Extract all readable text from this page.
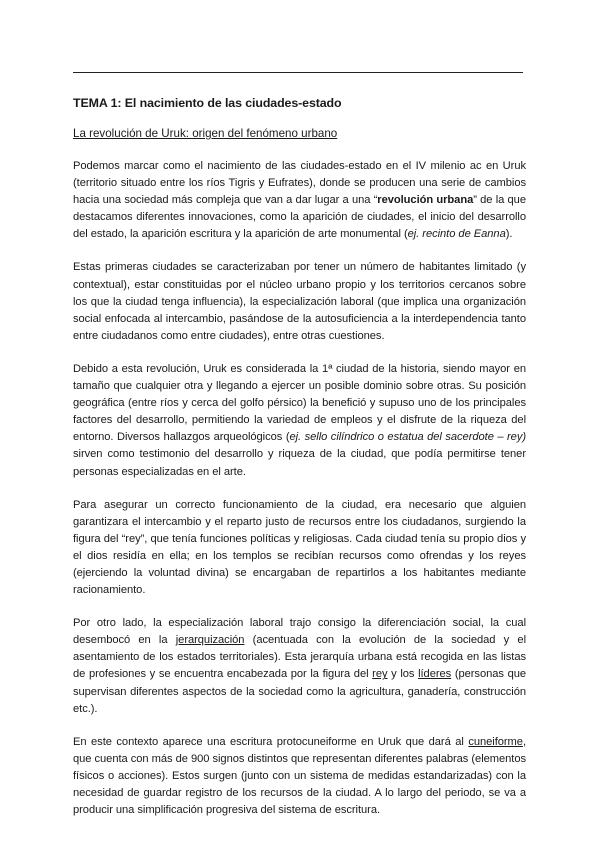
TEMA 1: El nacimiento de las ciudades-estado
La revolución de Uruk: origen del fenómeno urbano

Podemos marcar como el nacimiento de las ciudades-estado en el IV milenio ac en Uruk (territorio situado entre los ríos Tigris y Eufrates), donde se producen una serie de cambios hacia una sociedad más compleja que van a dar lugar a una “revolución urbana” de la que destacamos diferentes innovaciones, como la aparición de ciudades, el inicio del desarrollo del estado, la aparición escritura y la aparición de arte monumental (ej. recinto de Eanna).

Estas primeras ciudades se caracterizaban por tener un número de habitantes limitado (y contextual), estar constituidas por el núcleo urbano propio y los territorios cercanos sobre los que la ciudad tenga influencia), la especialización laboral (que implica una organización social enfocada al intercambio, pasándose de la autosuficiencia a la interdependencia tanto entre ciudadanos como entre ciudades), entre otras cuestiones.

Debido a esta revolución, Uruk es considerada la 1ª ciudad de la historia, siendo mayor en tamaño que cualquier otra y llegando a ejercer un posible dominio sobre otras. Su posición geográfica (entre ríos y cerca del golfo pérsico) la benefició y supuso uno de los principales factores del desarrollo, permitiendo la variedad de empleos y el disfrute de la riqueza del entorno. Diversos hallazgos arqueológicos (ej. sello cilíndrico o estatua del sacerdote – rey) sirven como testimonio del desarrollo y riqueza de la ciudad, que podía permitirse tener personas especializadas en el arte.

Para asegurar un correcto funcionamiento de la ciudad, era necesario que alguien garantizara el intercambio y el reparto justo de recursos entre los ciudadanos, surgiendo la figura del “rey”, que tenía funciones políticas y religiosas. Cada ciudad tenía su propio dios y el dios residía en ella; en los templos se recibían recursos como ofrendas y los reyes (ejerciendo la voluntad divina) se encargaban de repartirlos a los habitantes mediante racionamiento.

Por otro lado, la especialización laboral trajo consigo la diferenciación social, la cual desembocó en la jerarquización (acentuada con la evolución de la sociedad y el asentamiento de los estados territoriales). Esta jerarquía urbana está recogida en las listas de profesiones y se encuentra encabezada por la figura del rey y los líderes (personas que supervisan diferentes aspectos de la sociedad como la agricultura, ganadería, construcción etc.).

En este contexto aparece una escritura protocuneiforme en Uruk que dará al cuneiforme, que cuenta con más de 900 signos distintos que representan diferentes palabras (elementos físicos o acciones). Estos surgen (junto con un sistema de medidas estandarizadas) con la necesidad de guardar registro de los recursos de la ciudad. A lo largo del periodo, se va a producir una simplificación progresiva del sistema de escritura.
